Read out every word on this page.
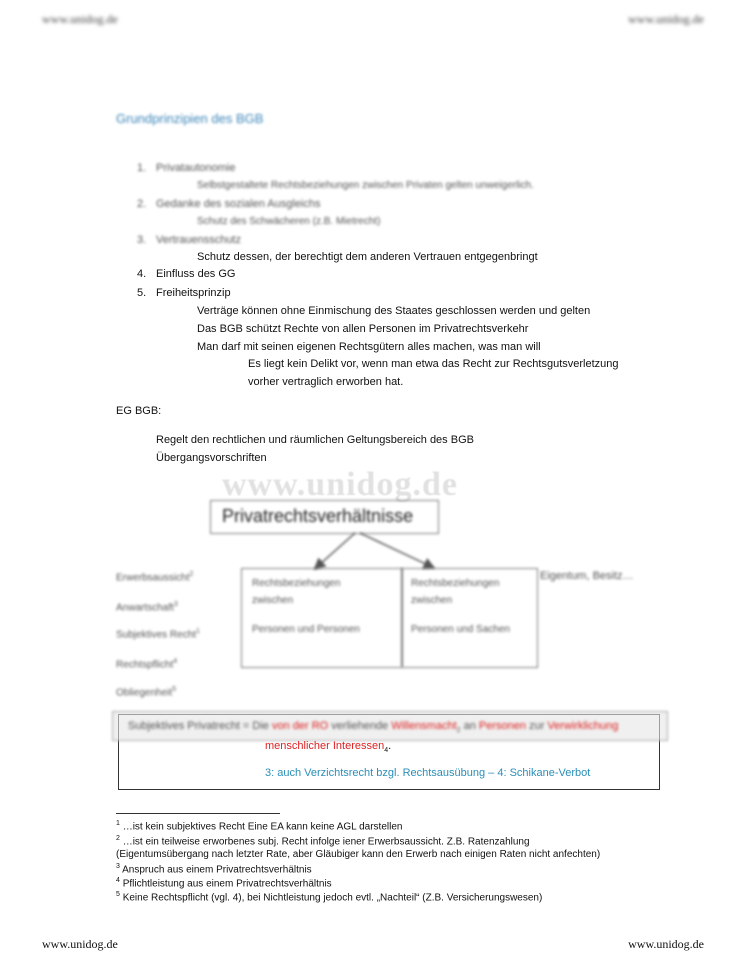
www.unidog.de	www.unidog.de
Grundprinzipien des BGB
1. Privatautonomie
Selbstgestaltete Rechtsbeziehungen zwischen Privaten gelten unweigerlich.
2. Gedanke des sozialen Ausgleichs
Schutz des Schwächeren (z.B. Mietrecht)
3. Vertrauensschutz
Schutz dessen, der berechtigt dem anderen Vertrauen entgegenbringt
4. Einfluss des GG
5. Freiheitsprinzip
Verträge können ohne Einmischung des Staates geschlossen werden und gelten
Das BGB schützt Rechte von allen Personen im Privatrechtsverkehr
Man darf mit seinen eigenen Rechtsgütern alles machen, was man will
Es liegt kein Delikt vor, wenn man etwa das Recht zur Rechtsgutsverletzung
vorher vertraglich erworben hat.
EG BGB:
Regelt den rechtlichen und räumlichen Geltungsbereich des BGB
Übergangsvorschriften
www.unidog.de
Privatrechtsverhältnisse
Rechtsbeziehungen
zwischen
Personen und Personen
Rechtsbeziehungen
zwischen
Personen und Sachen
Eigentum, Besitz…
Erwerbsaussicht$^2$
Anwartschaft$^3$
Subjektives Recht$^1$
Rechtspflicht$^4$
Obliegenheit$^5$
Subjektives Privatrecht = Die von der RO verliehende Willensmacht$_2$ an Personen zur Verwirklichung
menschlicher Interessen$_4$.
3: auch Verzichtsrecht bzgl. Rechtsausübung – 4: Schikane-Verbot
$^1$ …ist kein subjektives Recht Eine EA kann keine AGL darstellen
$^2$ …ist ein teilweise erworbenes subj. Recht infolge iener Erwerbsaussicht. Z.B. Ratenzahlung
(Eigentumsübergang nach letzter Rate, aber Gläubiger kann den Erwerb nach einigen Raten nicht anfechten)
$^3$ Anspruch aus einem Privatrechtsverhältnis
$^4$ Pflichtleistung aus einem Privatrechtsverhältnis
$^5$ Keine Rechtspflicht (vgl. 4), bei Nichtleistung jedoch evtl. „Nachteil“ (Z.B. Versicherungswesen)
www.unidog.de	www.unidog.de
